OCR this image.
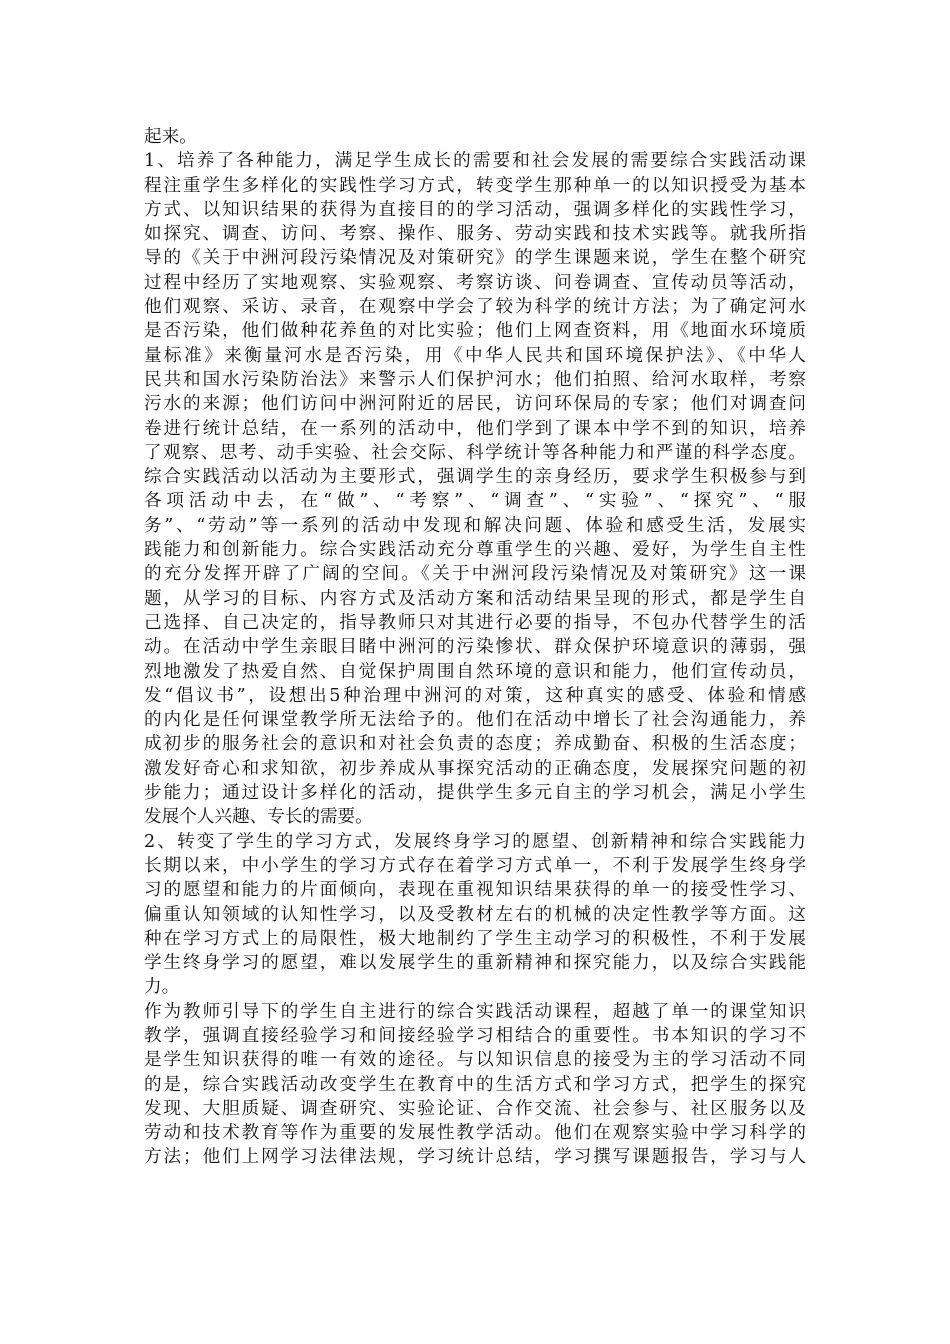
起来。
1、培养了各种能力，满足学生成长的需要和社会发展的需要综合实践活动课
程注重学生多样化的实践性学习方式，转变学生那种单一的以知识授受为基本
方式、以知识结果的获得为直接目的的学习活动，强调多样化的实践性学习，
如探究、调查、访问、考察、操作、服务、劳动实践和技术实践等。就我所指
导的《关于中洲河段污染情况及对策研究》的学生课题来说，学生在整个研究
过程中经历了实地观察、实验观察、考察访谈、问卷调查、宣传动员等活动，
他们观察、采访、录音，在观察中学会了较为科学的统计方法；为了确定河水
是否污染，他们做种花养鱼的对比实验；他们上网查资料，用《地面水环境质
量标准》来衡量河水是否污染，用《中华人民共和国环境保护法》、《中华人
民共和国水污染防治法》来警示人们保护河水；他们拍照、给河水取样，考察
污水的来源；他们访问中洲河附近的居民，访问环保局的专家；他们对调查问
卷进行统计总结，在一系列的活动中，他们学到了课本中学不到的知识，培养
了观察、思考、动手实验、社会交际、科学统计等各种能力和严谨的科学态度。
综合实践活动以活动为主要形式，强调学生的亲身经历，要求学生积极参与到
各项活动中去，在“做”、“考察”、“调查”、“实验”、“探究”、“服
务”、“劳动”等一系列的活动中发现和解决问题、体验和感受生活，发展实
践能力和创新能力。综合实践活动充分尊重学生的兴趣、爱好，为学生自主性
的充分发挥开辟了广阔的空间。《关于中洲河段污染情况及对策研究》这一课
题，从学习的目标、内容方式及活动方案和活动结果呈现的形式，都是学生自
己选择、自己决定的，指导教师只对其进行必要的指导，不包办代替学生的活
动。在活动中学生亲眼目睹中洲河的污染惨状、群众保护环境意识的薄弱，强
烈地激发了热爱自然、自觉保护周围自然环境的意识和能力，他们宣传动员，
发“倡议书”，设想出5种治理中洲河的对策，这种真实的感受、体验和情感
的内化是任何课堂教学所无法给予的。他们在活动中增长了社会沟通能力，养
成初步的服务社会的意识和对社会负责的态度；养成勤奋、积极的生活态度；
激发好奇心和求知欲，初步养成从事探究活动的正确态度，发展探究问题的初
步能力；通过设计多样化的活动，提供学生多元自主的学习机会，满足小学生
发展个人兴趣、专长的需要。
2、转变了学生的学习方式，发展终身学习的愿望、创新精神和综合实践能力
长期以来，中小学生的学习方式存在着学习方式单一，不利于发展学生终身学
习的愿望和能力的片面倾向，表现在重视知识结果获得的单一的接受性学习、
偏重认知领域的认知性学习，以及受教材左右的机械的决定性教学等方面。这
种在学习方式上的局限性，极大地制约了学生主动学习的积极性，不利于发展
学生终身学习的愿望，难以发展学生的重新精神和探究能力，以及综合实践能
力。
作为教师引导下的学生自主进行的综合实践活动课程，超越了单一的课堂知识
教学，强调直接经验学习和间接经验学习相结合的重要性。书本知识的学习不
是学生知识获得的唯一有效的途径。与以知识信息的接受为主的学习活动不同
的是，综合实践活动改变学生在教育中的生活方式和学习方式，把学生的探究
发现、大胆质疑、调查研究、实验论证、合作交流、社会参与、社区服务以及
劳动和技术教育等作为重要的发展性教学活动。他们在观察实验中学习科学的
方法；他们上网学习法律法规，学习统计总结，学习撰写课题报告，学习与人
